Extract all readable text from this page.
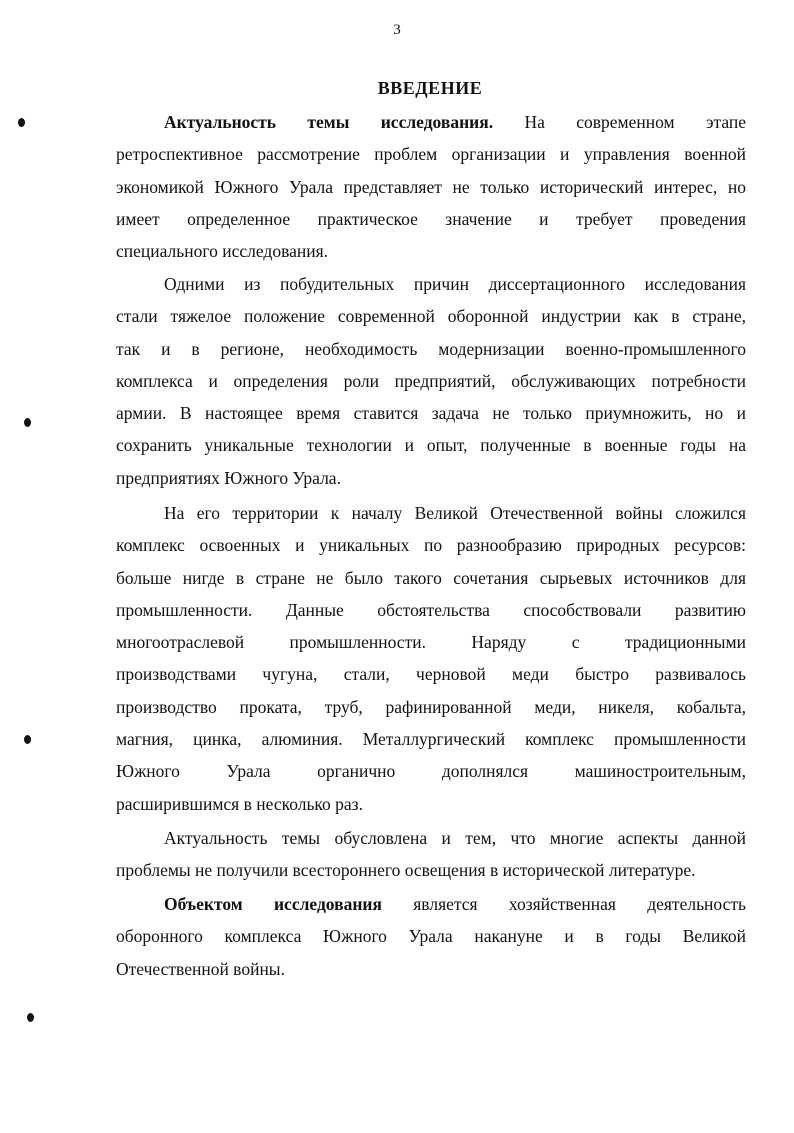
3
ВВЕДЕНИЕ
Актуальность темы исследования. На современном этапе
ретроспективное рассмотрение проблем организации и управления военной
экономикой Южного Урала представляет не только исторический интерес, но
имеет определенное практическое значение и требует проведения
специального исследования.
Одними из побудительных причин диссертационного исследования
стали тяжелое положение современной оборонной индустрии как в стране,
так и в регионе, необходимость модернизации военно-промышленного
комплекса и определения роли предприятий, обслуживающих потребности
армии. В настоящее время ставится задача не только приумножить, но и
сохранить уникальные технологии и опыт, полученные в военные годы на
предприятиях Южного Урала.
На его территории к началу Великой Отечественной войны сложился
комплекс освоенных и уникальных по разнообразию природных ресурсов:
больше нигде в стране не было такого сочетания сырьевых источников для
промышленности. Данные обстоятельства способствовали развитию
многоотраслевой промышленности. Наряду с традиционными
производствами чугуна, стали, черновой меди быстро развивалось
производство проката, труб, рафинированной меди, никеля, кобальта,
магния, цинка, алюминия. Металлургический комплекс промышленности
Южного Урала органично дополнялся машиностроительным,
расширившимся в несколько раз.
Актуальность темы обусловлена и тем, что многие аспекты данной
проблемы не получили всестороннего освещения в исторической литературе.
Объектом исследования является хозяйственная деятельность
оборонного комплекса Южного Урала накануне и в годы Великой
Отечественной войны.
